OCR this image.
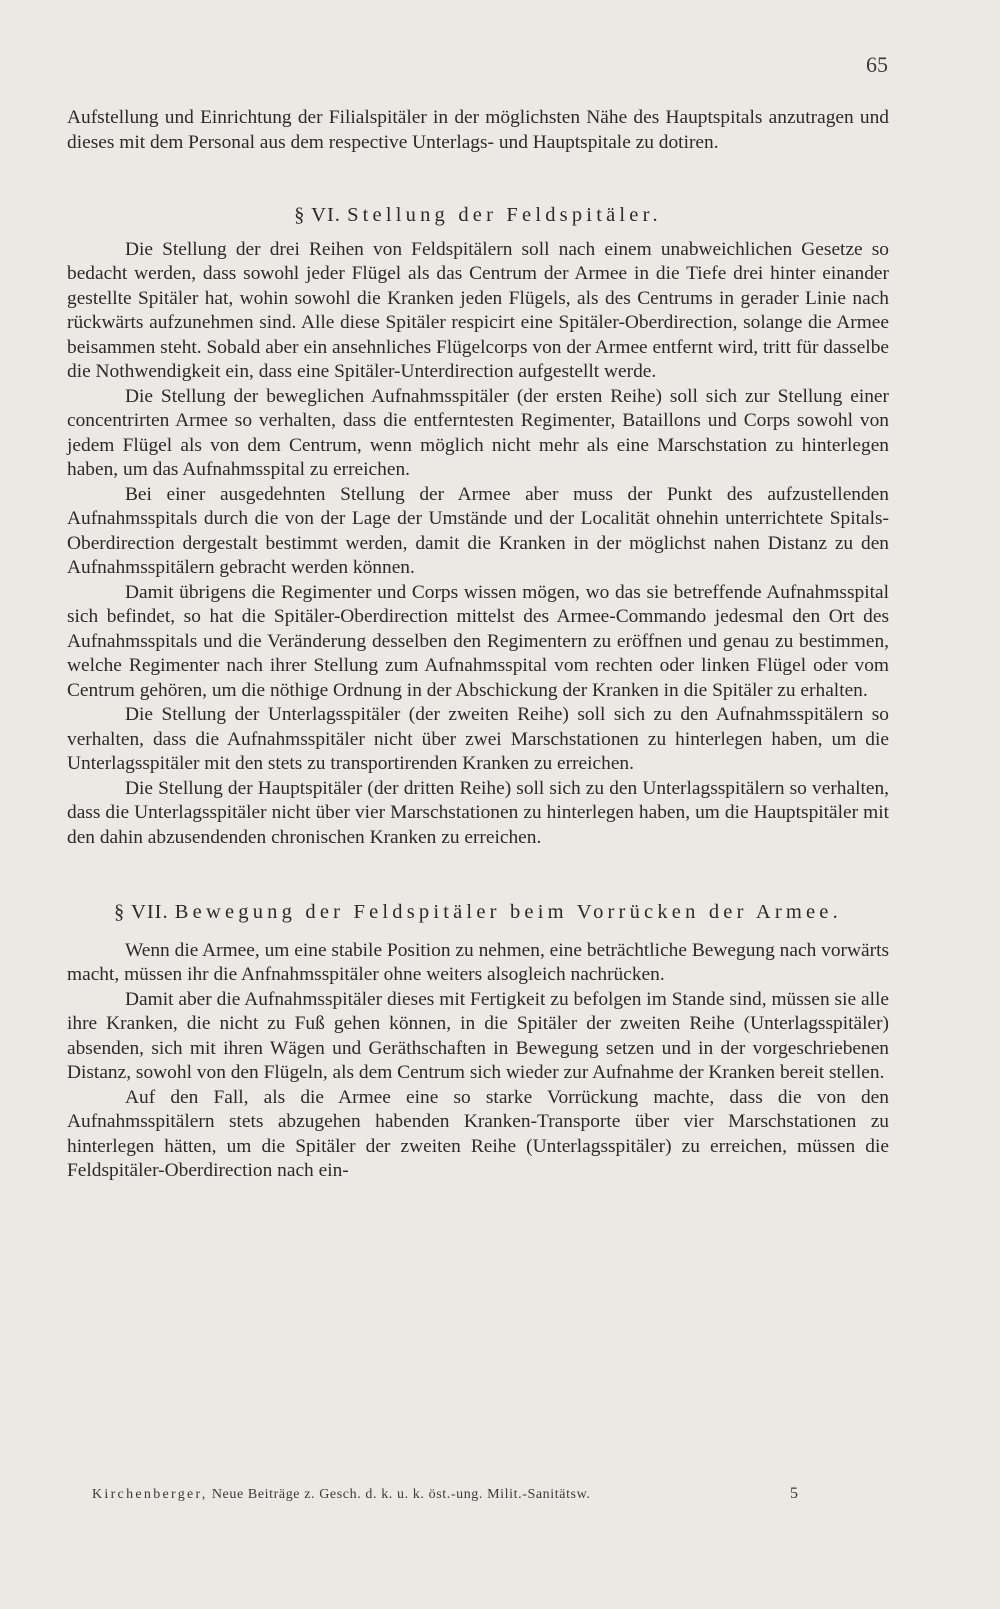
65

Aufstellung und Einrichtung der Filialspitäler in der möglichsten Nähe des Hauptspitals anzutragen und dieses mit dem Personal aus dem respective Unterlags- und Hauptspitale zu dotiren.

§ VI. Stellung der Feldspitäler.

Die Stellung der drei Reihen von Feldspitälern soll nach einem unabweichlichen Gesetze so bedacht werden, dass sowohl jeder Flügel als das Centrum der Armee in die Tiefe drei hinter einander gestellte Spitäler hat, wohin sowohl die Kranken jeden Flügels, als des Centrums in gerader Linie nach rückwärts aufzunehmen sind. Alle diese Spitäler respicirt eine Spitäler-Oberdirection, solange die Armee beisammen steht. Sobald aber ein ansehnliches Flügelcorps von der Armee entfernt wird, tritt für dasselbe die Nothwendigkeit ein, dass eine Spitäler-Unterdirection aufgestellt werde.

Die Stellung der beweglichen Aufnahmsspitäler (der ersten Reihe) soll sich zur Stellung einer concentrirten Armee so verhalten, dass die entferntesten Regimenter, Bataillons und Corps sowohl von jedem Flügel als von dem Centrum, wenn möglich nicht mehr als eine Marschstation zu hinterlegen haben, um das Aufnahmsspital zu erreichen.

Bei einer ausgedehnten Stellung der Armee aber muss der Punkt des aufzustellenden Aufnahmsspitals durch die von der Lage der Umstände und der Localität ohnehin unterrichtete Spitals-Oberdirection dergestalt bestimmt werden, damit die Kranken in der möglichst nahen Distanz zu den Aufnahmsspitälern gebracht werden können.

Damit übrigens die Regimenter und Corps wissen mögen, wo das sie betreffende Aufnahmsspital sich befindet, so hat die Spitäler-Oberdirection mittelst des Armee-Commando jedesmal den Ort des Aufnahmsspitals und die Veränderung desselben den Regimentern zu eröffnen und genau zu bestimmen, welche Regimenter nach ihrer Stellung zum Aufnahmsspital vom rechten oder linken Flügel oder vom Centrum gehören, um die nöthige Ordnung in der Abschickung der Kranken in die Spitäler zu erhalten.

Die Stellung der Unterlagsspitäler (der zweiten Reihe) soll sich zu den Aufnahmsspitälern so verhalten, dass die Aufnahmsspitäler nicht über zwei Marschstationen zu hinterlegen haben, um die Unterlagsspitäler mit den stets zu transportirenden Kranken zu erreichen.

Die Stellung der Hauptspitäler (der dritten Reihe) soll sich zu den Unterlagsspitälern so verhalten, dass die Unterlagsspitäler nicht über vier Marschstationen zu hinterlegen haben, um die Hauptspitäler mit den dahin abzusendenden chronischen Kranken zu erreichen.

§ VII. Bewegung der Feldspitäler beim Vorrücken der Armee.

Wenn die Armee, um eine stabile Position zu nehmen, eine beträchtliche Bewegung nach vorwärts macht, müssen ihr die Anfnahmsspitäler ohne weiters alsogleich nachrücken.

Damit aber die Aufnahmsspitäler dieses mit Fertigkeit zu befolgen im Stande sind, müssen sie alle ihre Kranken, die nicht zu Fuß gehen können, in die Spitäler der zweiten Reihe (Unterlagsspitäler) absenden, sich mit ihren Wägen und Geräthschaften in Bewegung setzen und in der vorgeschriebenen Distanz, sowohl von den Flügeln, als dem Centrum sich wieder zur Aufnahme der Kranken bereit stellen.

Auf den Fall, als die Armee eine so starke Vorrückung machte, dass die von den Aufnahmsspitälern stets abzugehen habenden Kranken-Transporte über vier Marschstationen zu hinterlegen hätten, um die Spitäler der zweiten Reihe (Unterlagsspitäler) zu erreichen, müssen die Feldspitäler-Oberdirection nach ein-

Kirchenberger, Neue Beiträge z. Gesch. d. k. u. k. öst.-ung. Milit.-Sanitätsw.	5
